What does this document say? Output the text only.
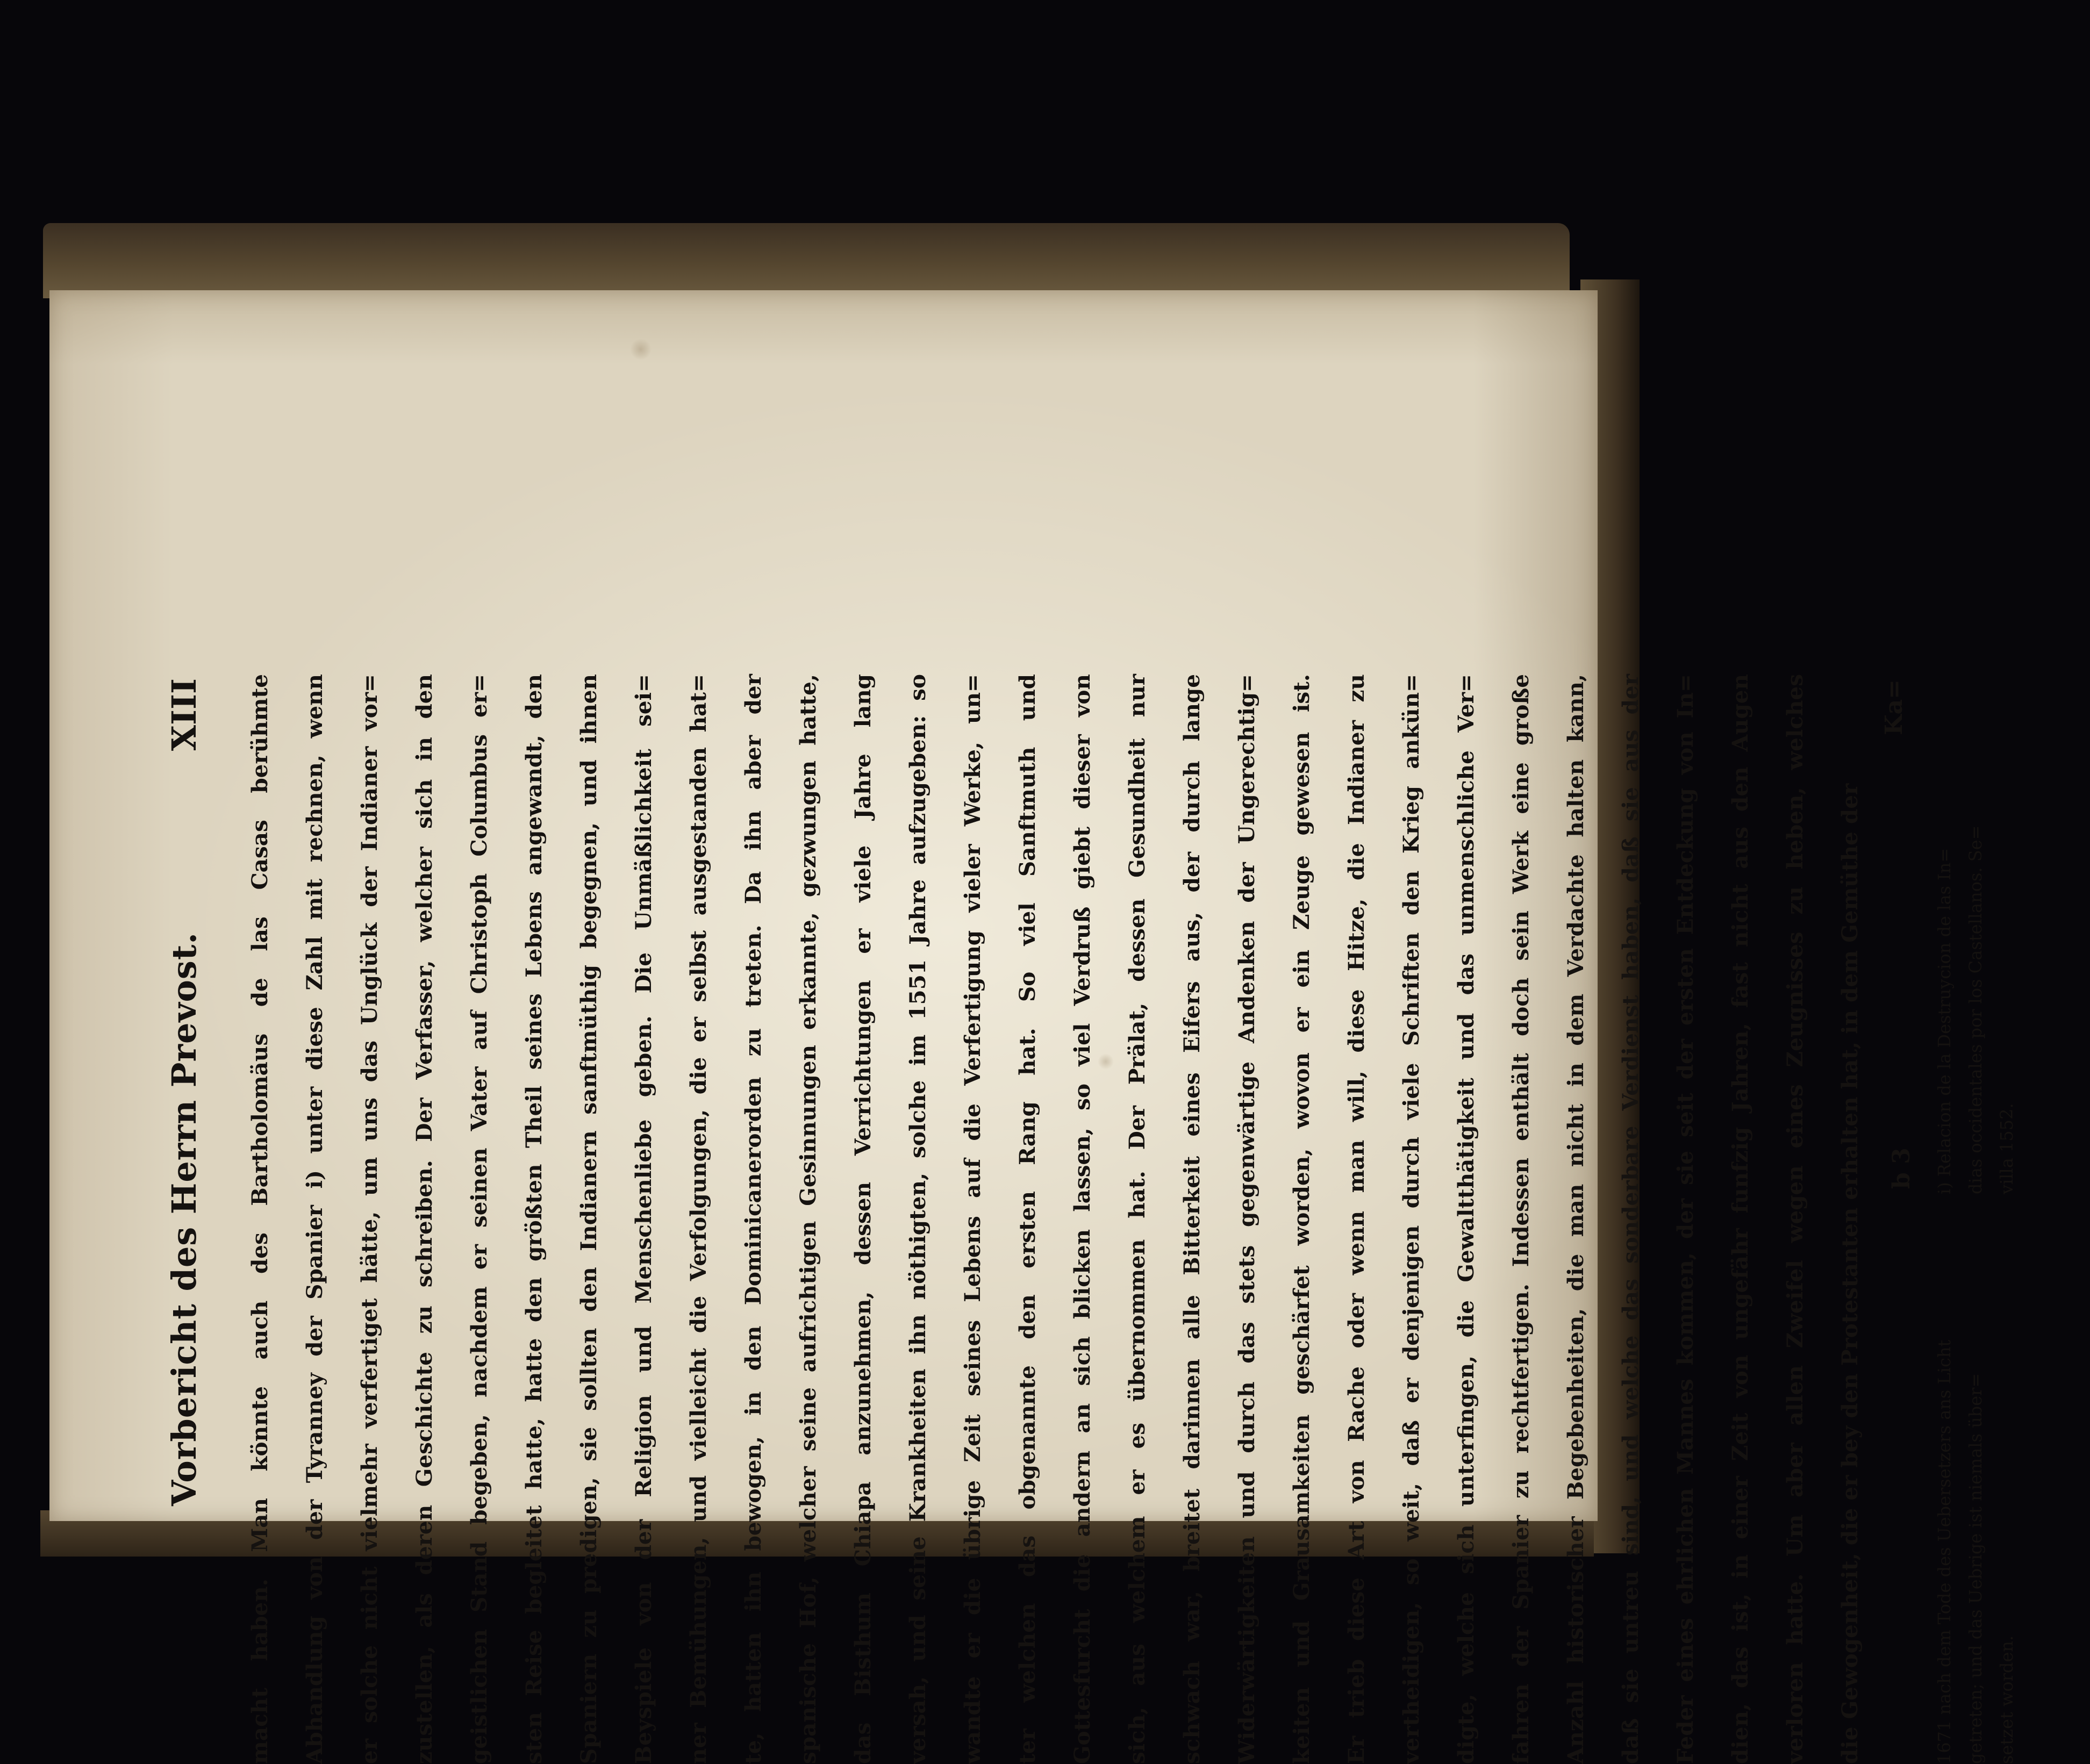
Vorbericht des Herrn Prevost.
XIII	macht haben. Man könnte auch des Bartholomäus de las Casas berühmte	Abhandlung von der Tyranney der Spanier i) unter diese Zahl mit rechnen, wenn	er solche nicht vielmehr verfertiget hätte, um uns das Unglück der Indianer vor=	zustellen, als deren Geschichte zu schreiben. Der Verfasser, welcher sich in den	geistlichen Stand begeben, nachdem er seinen Vater auf Christoph Columbus er=	sten Reise begleitet hatte, hatte den größten Theil seines Lebens angewandt, den	Spaniern zu predigen, sie sollten den Indianern sanftmüthig begegnen, und ihnen	Beyspiele von der Religion und Menschenliebe geben. Die Unmäßlichkeit sei=	ner Bemühungen, und vielleicht die Verfolgungen, die er selbst ausgestanden hat=	te, hatten ihn bewogen, in den Dominicanerorden zu treten. Da ihn aber der	spanische Hof, welcher seine aufrichtigen Gesinnungen erkannte, gezwungen hatte,	das Bisthum Chiapa anzunehmen, dessen Verrichtungen er viele Jahre lang	versah, und seine Krankheiten ihn nöthigten, solche im 1551 Jahre aufzugeben: so	wandte er die übrige Zeit seines Lebens auf die Verfertigung vieler Werke, un=	ter welchen das obgenannte den ersten Rang hat. So viel Sanftmuth und	Gottesfurcht die andern an sich blicken lassen, so viel Verdruß giebt dieser von	sich, aus welchem er es übernommen hat. Der Prälat, dessen Gesundheit nur	schwach war, breitet darinnen alle Bitterkeit eines Eifers aus, der durch lange	Widerwärtigkeiten und durch das stets gegenwärtige Andenken der Ungerechtig=	keiten und Grausamkeiten geschärfet worden, wovon er ein Zeuge gewesen ist.	Er trieb diese Art von Rache oder wenn man will, diese Hitze, die Indianer zu	vertheidigen, so weit, daß er denjenigen durch viele Schriften den Krieg ankün=	digte, welche sich unterfingen, die Gewaltthätigkeit und das unmenschliche Ver=	fahren der Spanier zu rechtfertigen. Indessen enthält doch sein Werk eine große	Anzahl historischer Begebenheiten, die man nicht in dem Verdachte halten kann,	daß sie untreu sind, und welche das sonderbare Verdienst haben, daß sie aus der	Feder eines ehrlichen Mannes kommen, der sie seit der ersten Entdeckung von In=	dien, das ist, in einer Zeit von ungefähr funfzig Jahren, fast nicht aus den Augen	verloren hatte. Um aber allen Zweifel wegen eines Zeugnisses zu heben, welches	die Gewogenheit, die er bey den Protestanten erhalten hat, in dem Gemüthe der	b 3
Ka=
1671 nach dem Tode des Uebersetzers ans Licht getreten; und das Uebrige ist niemals über= setzet worden.
i) Relacion de la Destruycion de las In= dias occidentales por los Castellanos. Se= villa 1552.
